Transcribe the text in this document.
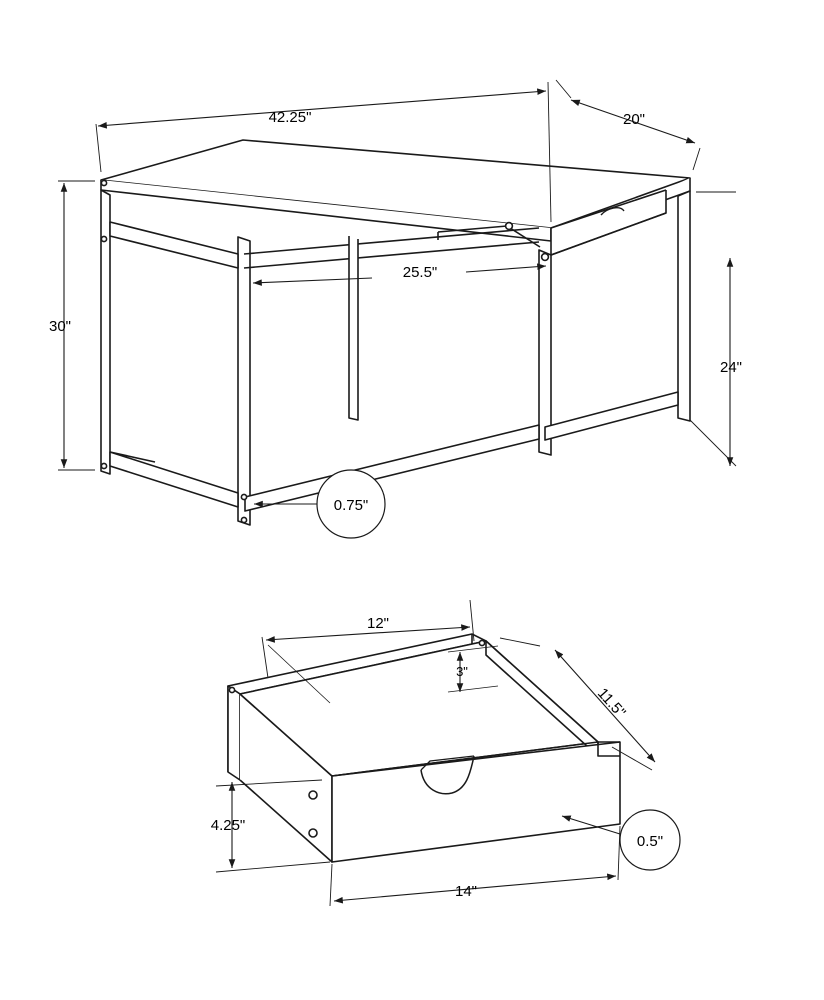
42.25"	20"
30"
24"
25.5"
0.75"
12"
3"
11.5"
4.25"
14"
0.5"
